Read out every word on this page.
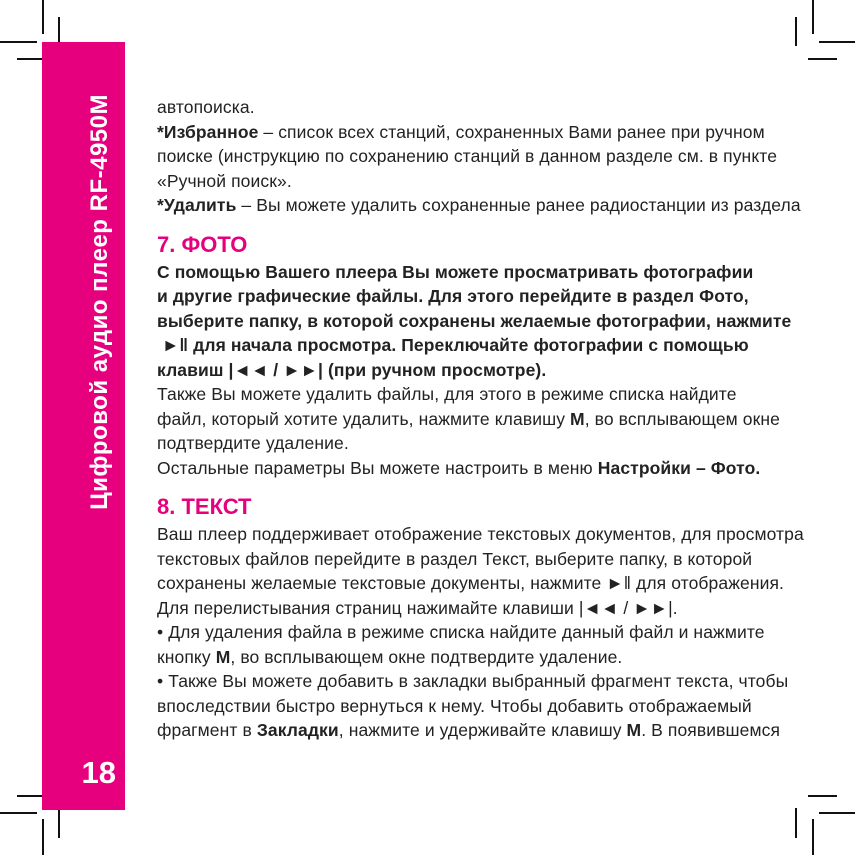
Цифровой аудио плеер RF-4950M
18
автопоиска.
*Избранное – список всех станций, сохраненных Вами ранее при ручном
поиске (инструкцию по сохранению станций в данном разделе см. в пункте
«Ручной поиск».
*Удалить – Вы можете удалить сохраненные ранее радиостанции из раздела
7. ФОТО
С помощью Вашего плеера Вы можете просматривать фотографии
и другие графические файлы. Для этого перейдите в раздел Фото,
выберите папку, в которой сохранены желаемые фотографии, нажмите
►‖ для начала просмотра. Переключайте фотографии с помощью
клавиш |◄◄ / ►►| (при ручном просмотре).
Также Вы можете удалить файлы, для этого в режиме списка найдите
файл, который хотите удалить, нажмите клавишу М, во всплывающем окне
подтвердите удаление.
Остальные параметры Вы можете настроить в меню Настройки – Фото.
8. ТЕКСТ
Ваш плеер поддерживает отображение текстовых документов, для просмотра
текстовых файлов перейдите в раздел Текст, выберите папку, в которой
сохранены желаемые текстовые документы, нажмите ►‖ для отображения.
Для перелистывания страниц нажимайте клавиши |◄◄ / ►►|.
• Для удаления файла в режиме списка найдите данный файл и нажмите
кнопку М, во всплывающем окне подтвердите удаление.
• Также Вы можете добавить в закладки выбранный фрагмент текста, чтобы
впоследствии быстро вернуться к нему. Чтобы добавить отображаемый
фрагмент в Закладки, нажмите и удерживайте клавишу М. В появившемся
